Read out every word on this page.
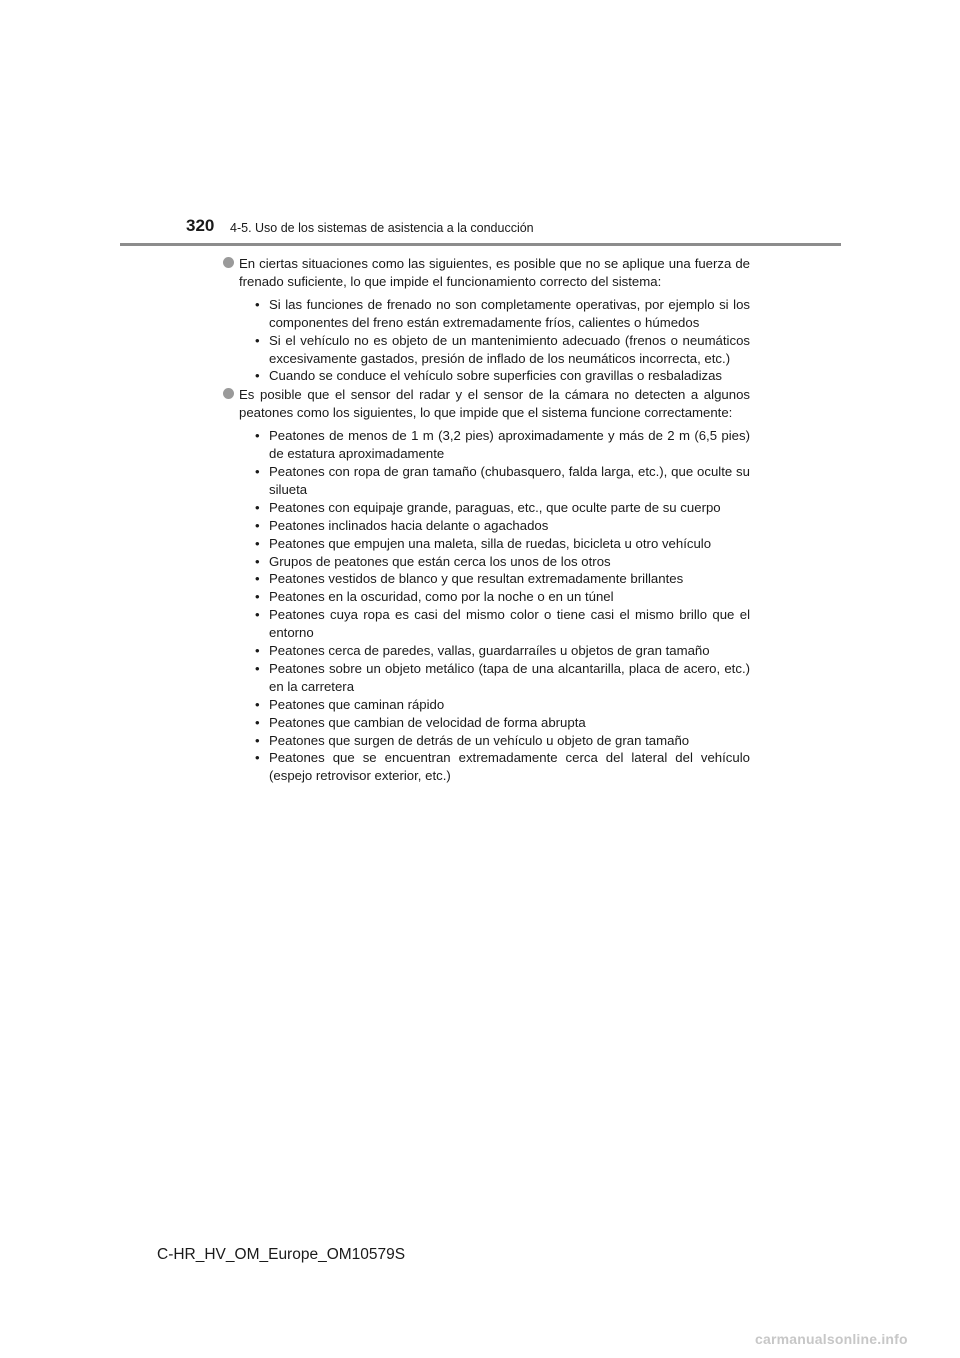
320 4-5. Uso de los sistemas de asistencia a la conducción
En ciertas situaciones como las siguientes, es posible que no se aplique una fuerza de frenado suficiente, lo que impide el funcionamiento correcto del sistema:
• Si las funciones de frenado no son completamente operativas, por ejemplo si los componentes del freno están extremadamente fríos, calientes o húmedos
• Si el vehículo no es objeto de un mantenimiento adecuado (frenos o neumáticos excesivamente gastados, presión de inflado de los neumáticos incorrecta, etc.)
• Cuando se conduce el vehículo sobre superficies con gravillas o resbaladizas
Es posible que el sensor del radar y el sensor de la cámara no detecten a algunos peatones como los siguientes, lo que impide que el sistema funcione correctamente:
• Peatones de menos de 1 m (3,2 pies) aproximadamente y más de 2 m (6,5 pies) de estatura aproximadamente
• Peatones con ropa de gran tamaño (chubasquero, falda larga, etc.), que oculte su silueta
• Peatones con equipaje grande, paraguas, etc., que oculte parte de su cuerpo
• Peatones inclinados hacia delante o agachados
• Peatones que empujen una maleta, silla de ruedas, bicicleta u otro vehículo
• Grupos de peatones que están cerca los unos de los otros
• Peatones vestidos de blanco y que resultan extremadamente brillantes
• Peatones en la oscuridad, como por la noche o en un túnel
• Peatones cuya ropa es casi del mismo color o tiene casi el mismo brillo que el entorno
• Peatones cerca de paredes, vallas, guardarraíles u objetos de gran tamaño
• Peatones sobre un objeto metálico (tapa de una alcantarilla, placa de acero, etc.) en la carretera
• Peatones que caminan rápido
• Peatones que cambian de velocidad de forma abrupta
• Peatones que surgen de detrás de un vehículo u objeto de gran tamaño
• Peatones que se encuentran extremadamente cerca del lateral del vehículo (espejo retrovisor exterior, etc.)
C-HR_HV_OM_Europe_OM10579S
carmanualsonline.info
